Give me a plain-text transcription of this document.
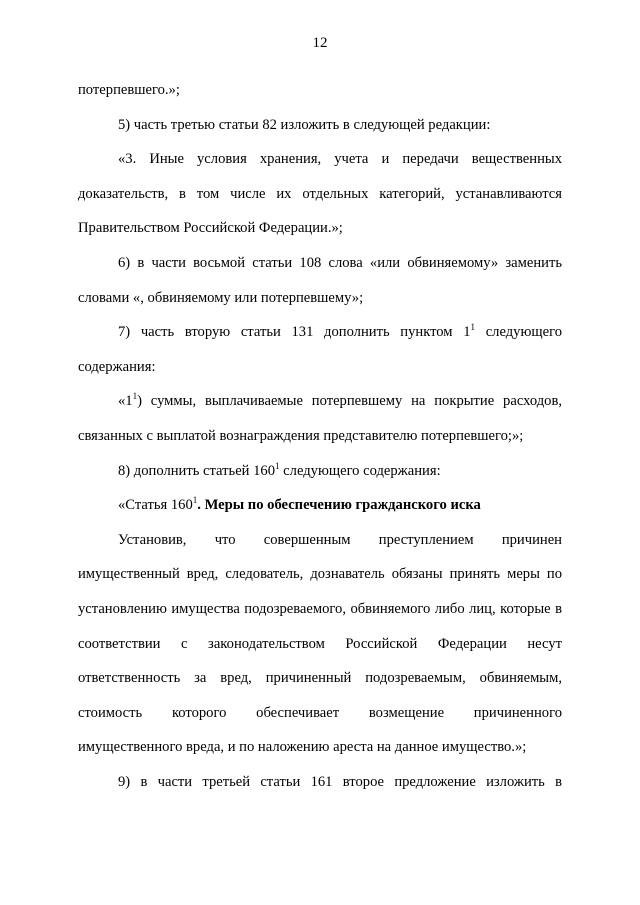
12

потерпевшего.»;

5) часть третью статьи 82 изложить в следующей редакции:

«3. Иные условия хранения, учета и передачи вещественных доказательств, в том числе их отдельных категорий, устанавливаются Правительством Российской Федерации.»;

6) в части восьмой статьи 108 слова «или обвиняемому» заменить словами «, обвиняемому или потерпевшему»;

7) часть вторую статьи 131 дополнить пунктом $1^1$ следующего содержания:

«$1^1$) суммы, выплачиваемые потерпевшему на покрытие расходов, связанных с выплатой вознаграждения представителю потерпевшего;»;

8) дополнить статьей $160^1$ следующего содержания:

«Статья $160^1$. Меры по обеспечению гражданского иска

Установив, что совершенным преступлением причинен имущественный вред, следователь, дознаватель обязаны принять меры по установлению имущества подозреваемого, обвиняемого либо лиц, которые в соответствии с законодательством Российской Федерации несут ответственность за вред, причиненный подозреваемым, обвиняемым, стоимость которого обеспечивает возмещение причиненного имущественного вреда, и по наложению ареста на данное имущество.»;

9) в части третьей статьи 161 второе предложение изложить в
